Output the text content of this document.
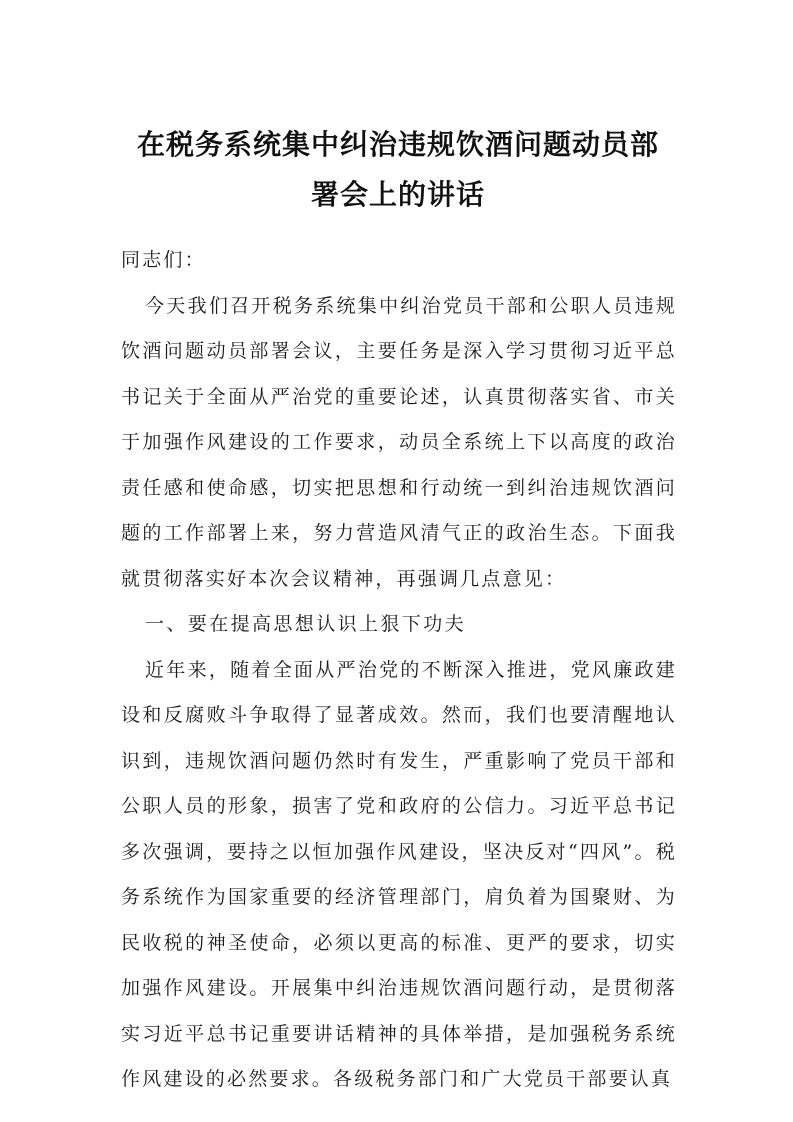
在税务系统集中纠治违规饮酒问题动员部
署会上的讲话

同志们：

今天我们召开税务系统集中纠治党员干部和公职人员违规饮酒问题动员部署会议，主要任务是深入学习贯彻习近平总书记关于全面从严治党的重要论述，认真贯彻落实省、市关于加强作风建设的工作要求，动员全系统上下以高度的政治责任感和使命感，切实把思想和行动统一到纠治违规饮酒问题的工作部署上来，努力营造风清气正的政治生态。下面我就贯彻落实好本次会议精神，再强调几点意见：

一、要在提高思想认识上狠下功夫

近年来，随着全面从严治党的不断深入推进，党风廉政建设和反腐败斗争取得了显著成效。然而，我们也要清醒地认识到，违规饮酒问题仍然时有发生，严重影响了党员干部和公职人员的形象，损害了党和政府的公信力。习近平总书记多次强调，要持之以恒加强作风建设，坚决反对“四风”。税务系统作为国家重要的经济管理部门，肩负着为国聚财、为民收税的神圣使命，必须以更高的标准、更严的要求，切实加强作风建设。开展集中纠治违规饮酒问题行动，是贯彻落实习近平总书记重要讲话精神的具体举措，是加强税务系统作风建设的必然要求。各级税务部门和广大党员干部要认真
